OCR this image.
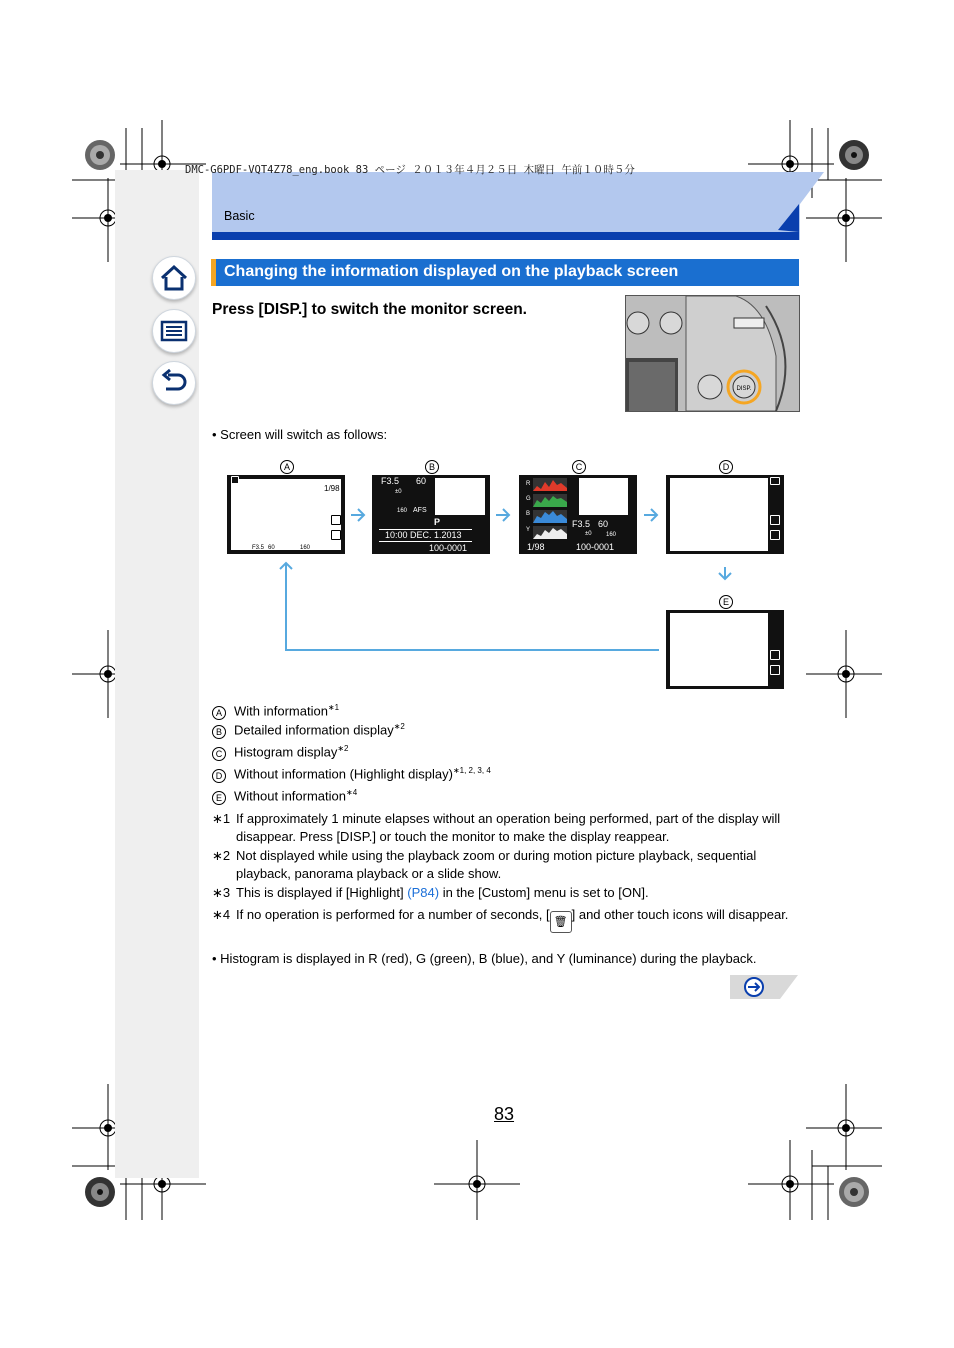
DMC-G6PDF-VQT4Z78_eng.book 83 ページ ２０１３年４月２５日 木曜日 午前１０時５分
Basic
Changing the information displayed on the playback screen
Press [DISP.] to switch the monitor screen.
DISP.
• Screen will switch as follows:
A	B	C	D
E
1/98
F3.5 60	160
F3.5 60
±0
160 AFS
P
10:00 DEC. 1.2013
100-0001
R
G
B
Y
F3.5 60
±0 160
1/98	100-0001
A With information$^{∗1}$
B Detailed information display$^{∗2}$
C Histogram display$^{∗2}$
D Without information (Highlight display)$^{∗1, 2, 3, 4}$
E Without information$^{∗4}$
∗1 If approximately 1 minute elapses without an operation being performed, part of the display will disappear. Press [DISP.] or touch the monitor to make the display reappear.
∗2 Not displayed while using the playback zoom or during motion picture playback, sequential playback, panorama playback or a slide show.
∗3 This is displayed if [Highlight] (P84) in the [Custom] menu is set to [ON].
∗4 If no operation is performed for a number of seconds, [ 🗑 ] and other touch icons will disappear.
• Histogram is displayed in R (red), G (green), B (blue), and Y (luminance) during the playback.
83
